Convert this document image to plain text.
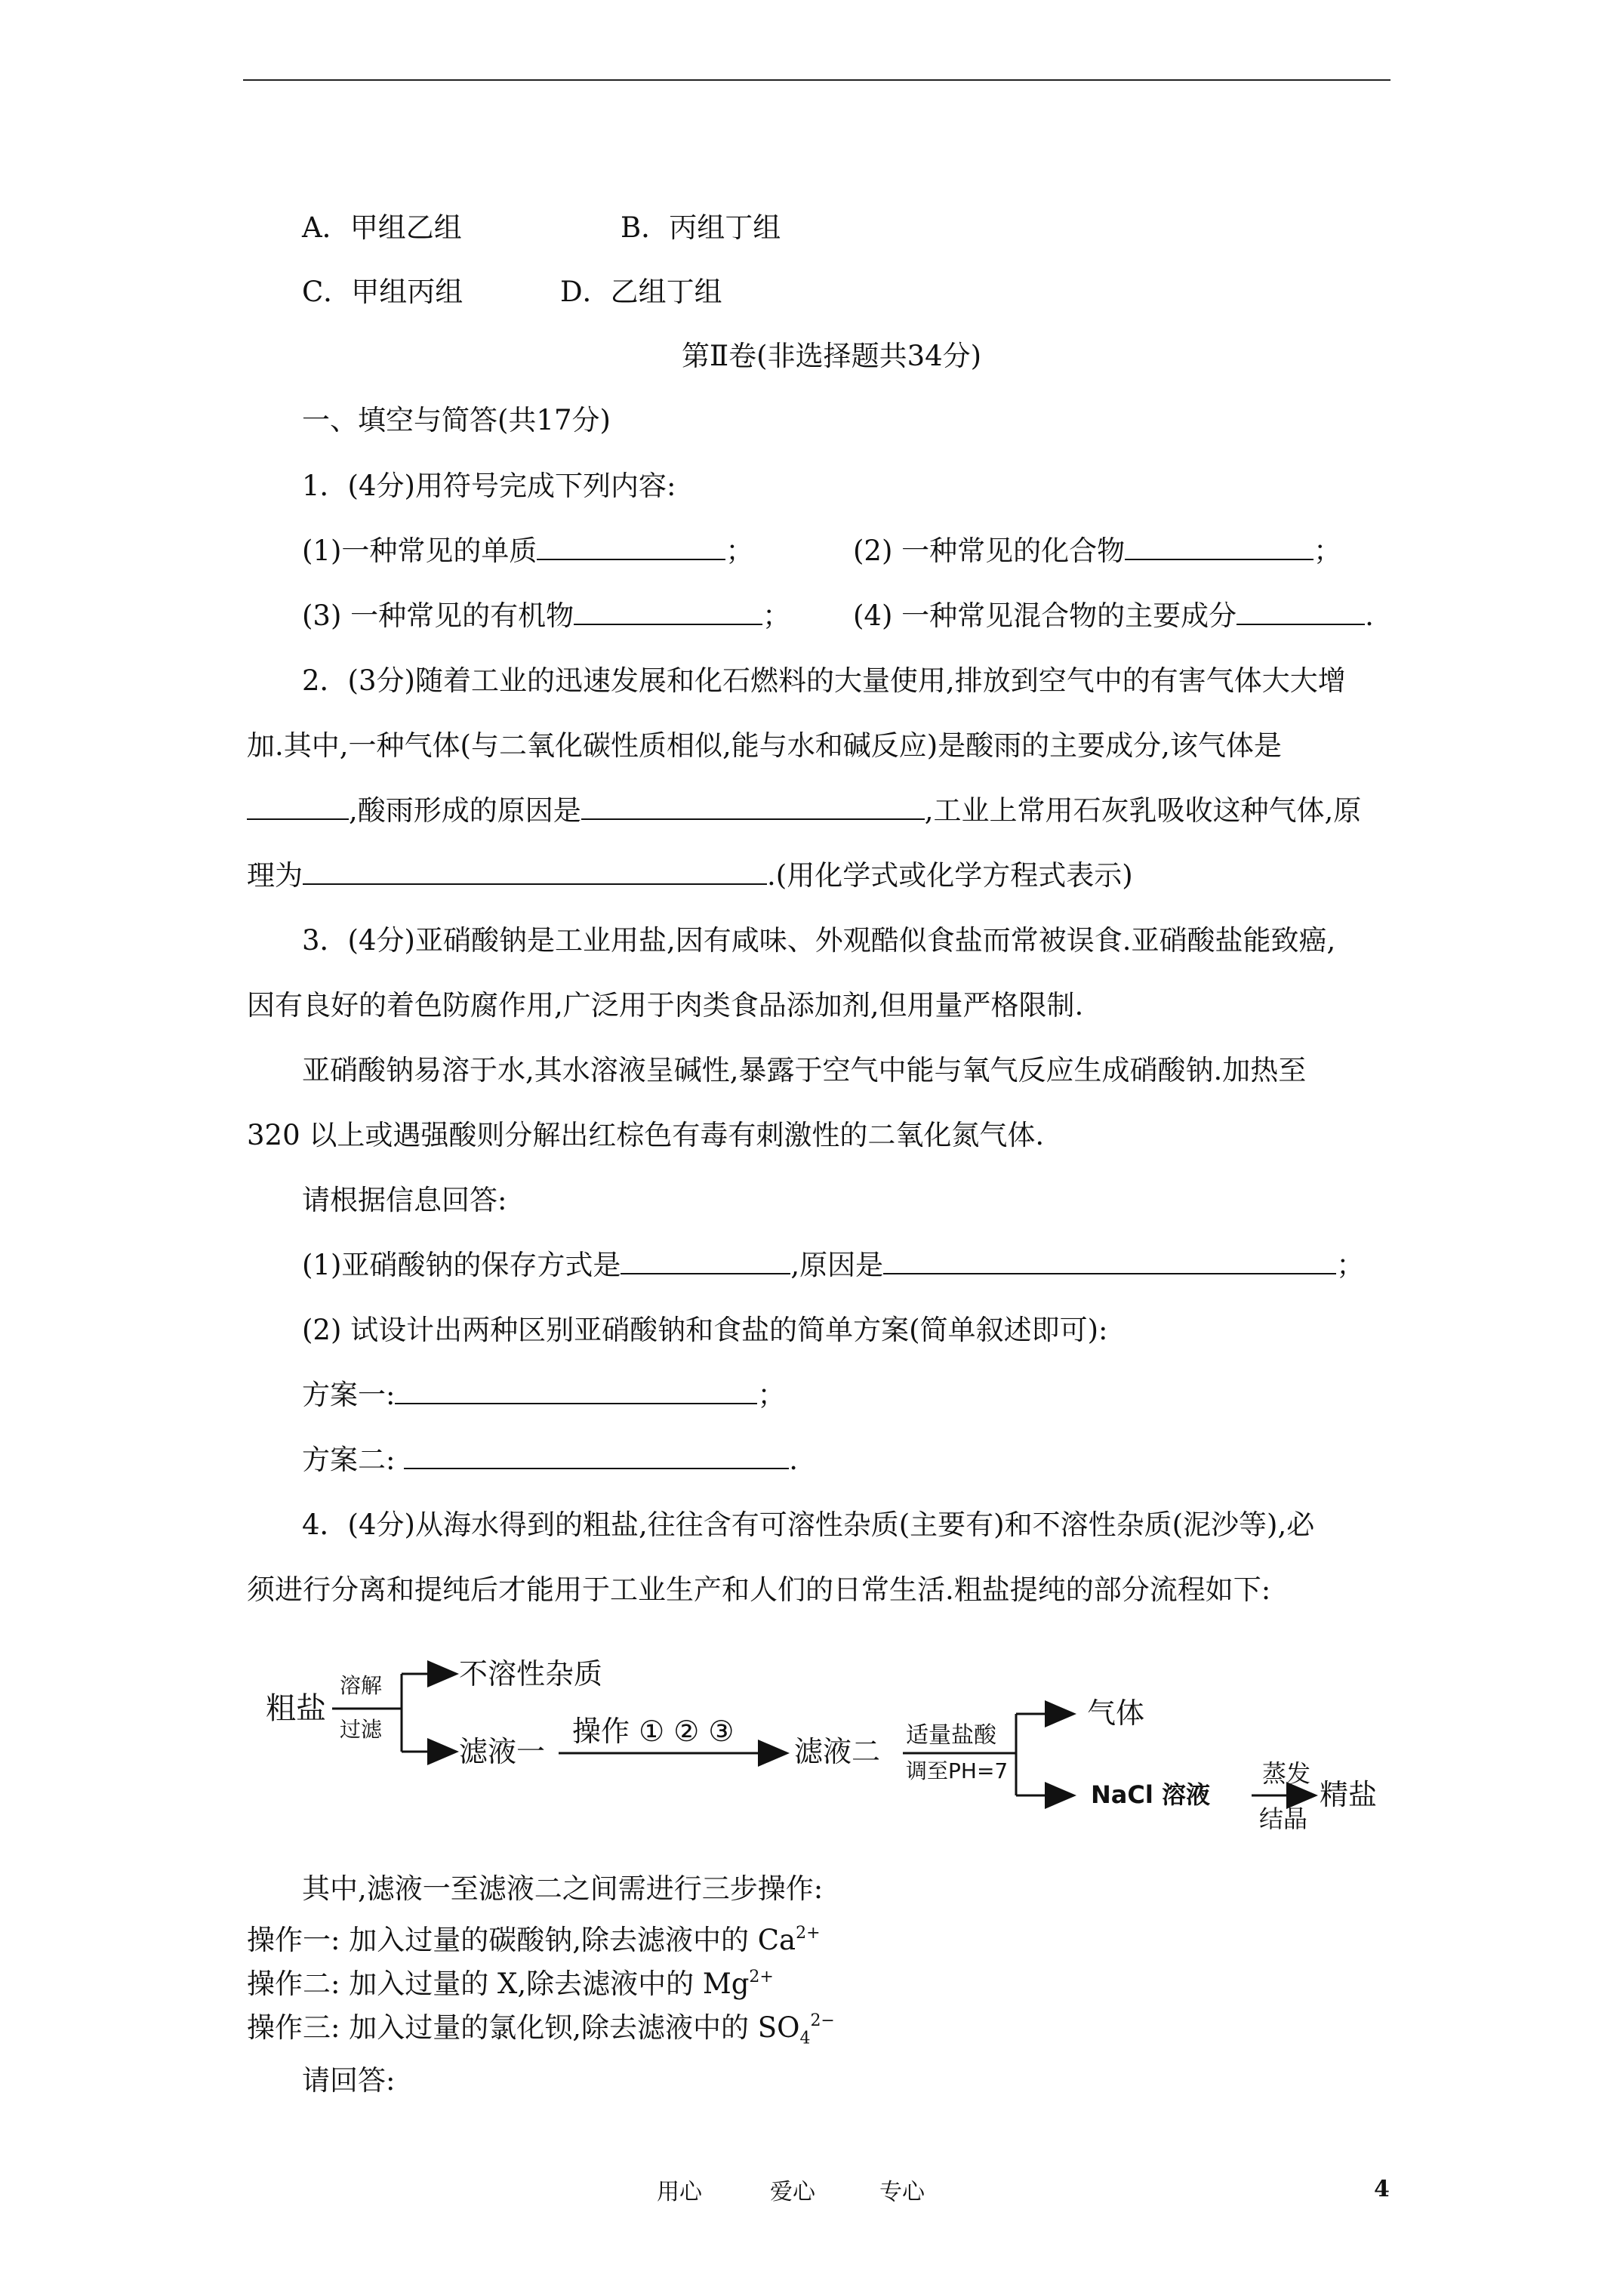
A．甲组乙组	B．丙组丁组
C．甲组丙组	D．乙组丁组
第Ⅱ卷(非选择题共34分)
一、填空与简答(共17分)
1．(4分)用符号完成下列内容:
(1)一种常见的单质	；	(2) 一种常见的化合物	；
(3) 一种常见的有机物	； (4) 一种常见混合物的主要成分	.
2．(3分)随着工业的迅速发展和化石燃料的大量使用,排放到空气中的有害气体大大增
加.其中,一种气体(与二氧化碳性质相似,能与水和碱反应)是酸雨的主要成分,该气体是
,酸雨形成的原因是	,工业上常用石灰乳吸收这种气体,原
理为	.(用化学式或化学方程式表示)
3．(4分)亚硝酸钠是工业用盐,因有咸味、外观酷似食盐而常被误食.亚硝酸盐能致癌,
因有良好的着色防腐作用,广泛用于肉类食品添加剂,但用量严格限制.
亚硝酸钠易溶于水,其水溶液呈碱性,暴露于空气中能与氧气反应生成硝酸钠.加热至
320 以上或遇强酸则分解出红棕色有毒有刺激性的二氧化氮气体.
请根据信息回答:
(1)亚硝酸钠的保存方式是	,原因是	；
(2) 试设计出两种区别亚硝酸钠和食盐的简单方案(简单叙述即可):
方案一:	；
方案二:	.
4．(4分)从海水得到的粗盐,往往含有可溶性杂质(主要有)和不溶性杂质(泥沙等),必
须进行分离和提纯后才能用于工业生产和人们的日常生活.粗盐提纯的部分流程如下:
粗盐
溶解
过滤
不溶性杂质
滤液一
操作 ① ② ③
滤液二 适量盐酸
调至PH=7
气体
NaCl 溶液
蒸发
结晶
精盐
其中,滤液一至滤液二之间需进行三步操作:
操作一: 加入过量的碳酸钠,除去滤液中的 $Ca^{2+}$
操作二: 加入过量的 X,除去滤液中的 $Mg^{2+}$
操作三: 加入过量的氯化钡,除去滤液中的 $SO_4^{2-}$
请回答:
用心	爱心	专心	4
